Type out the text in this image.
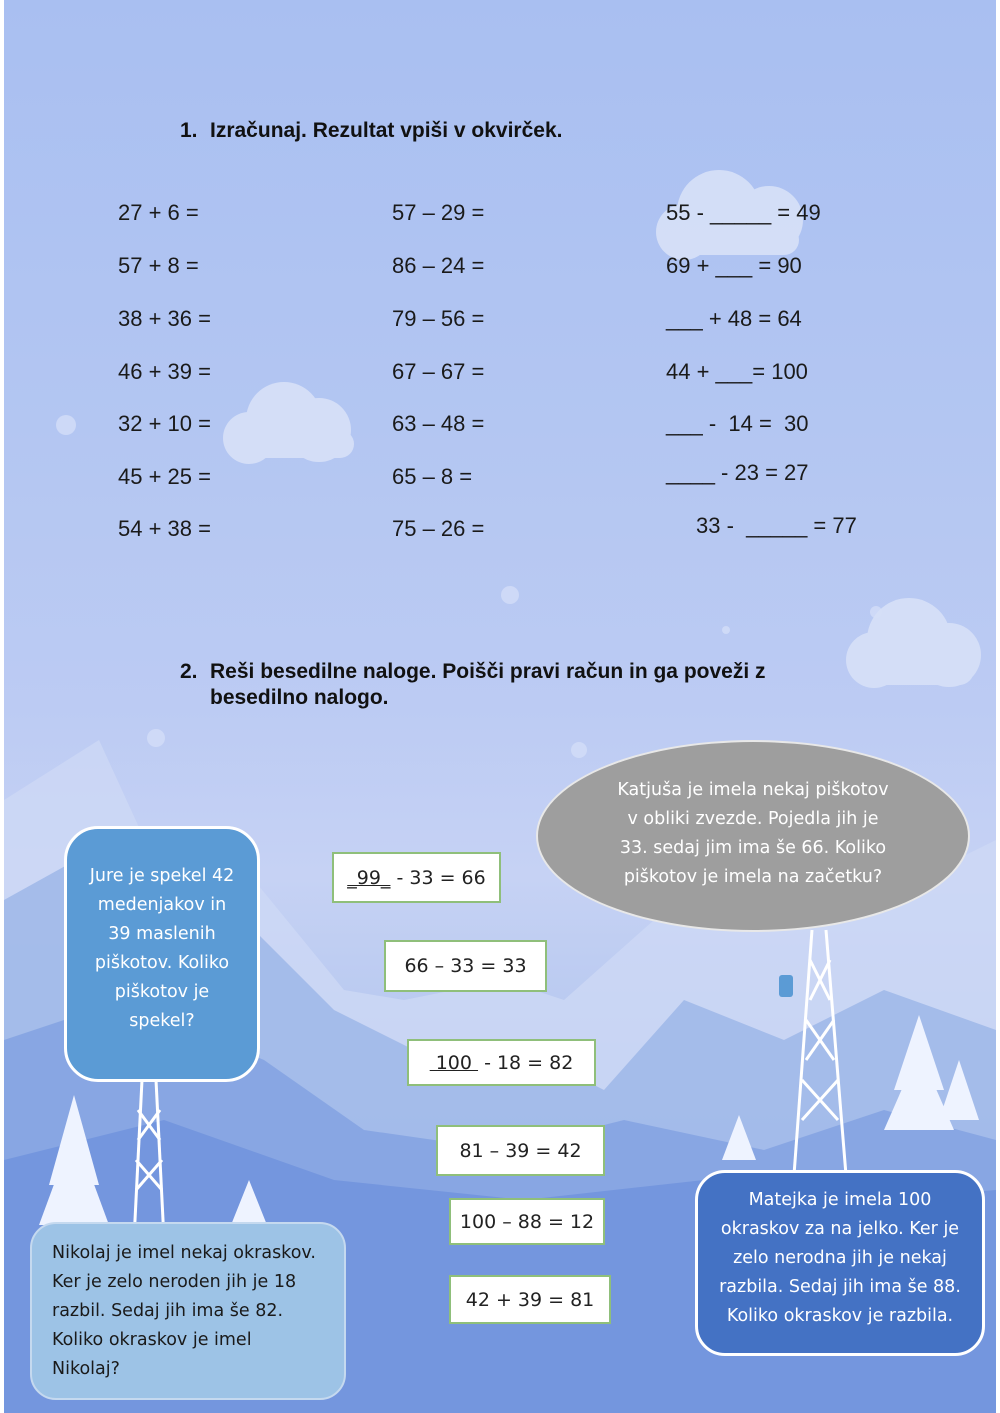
1. Izračunaj. Rezultat vpiši v okvirček.
27 + 6 =
57 + 8 =
38 + 36 =
46 + 39 =
32 + 10 =
45 + 25 =
54 + 38 =
57 – 29 =
86 – 24 =
79 – 56 =
67 – 67 =
63 – 48 =
65 – 8 =
75 – 26 =
55 - _____ = 49
69 + ___ = 90
___ + 48 = 64
44 + ___= 100
___ -  14 =  30
____ - 23 = 27
33 -  _____ = 77
2. Reši besedilne naloge. Poišči pravi račun in ga poveži z
besedilno nalogo.
Katjuša je imela nekaj piškotov
v obliki zvezde. Pojedla jih je
33. sedaj jim ima še 66. Koliko
piškotov je imela na začetku?
Jure je spekel 42
medenjakov in
39 maslenih
piškotov. Koliko
piškotov je
spekel?
_99_ - 33 = 66
66 – 33 = 33
100 - 18 = 82
81 – 39 = 42
100 – 88 = 12
42 + 39 = 81
Nikolaj je imel nekaj okraskov.
Ker je zelo neroden jih je 18
razbil. Sedaj jih ima še 82.
Koliko okraskov je imel
Nikolaj?
Matejka je imela 100
okraskov za na jelko. Ker je
zelo nerodna jih je nekaj
razbila. Sedaj jih ima še 88.
Koliko okraskov je razbila.
